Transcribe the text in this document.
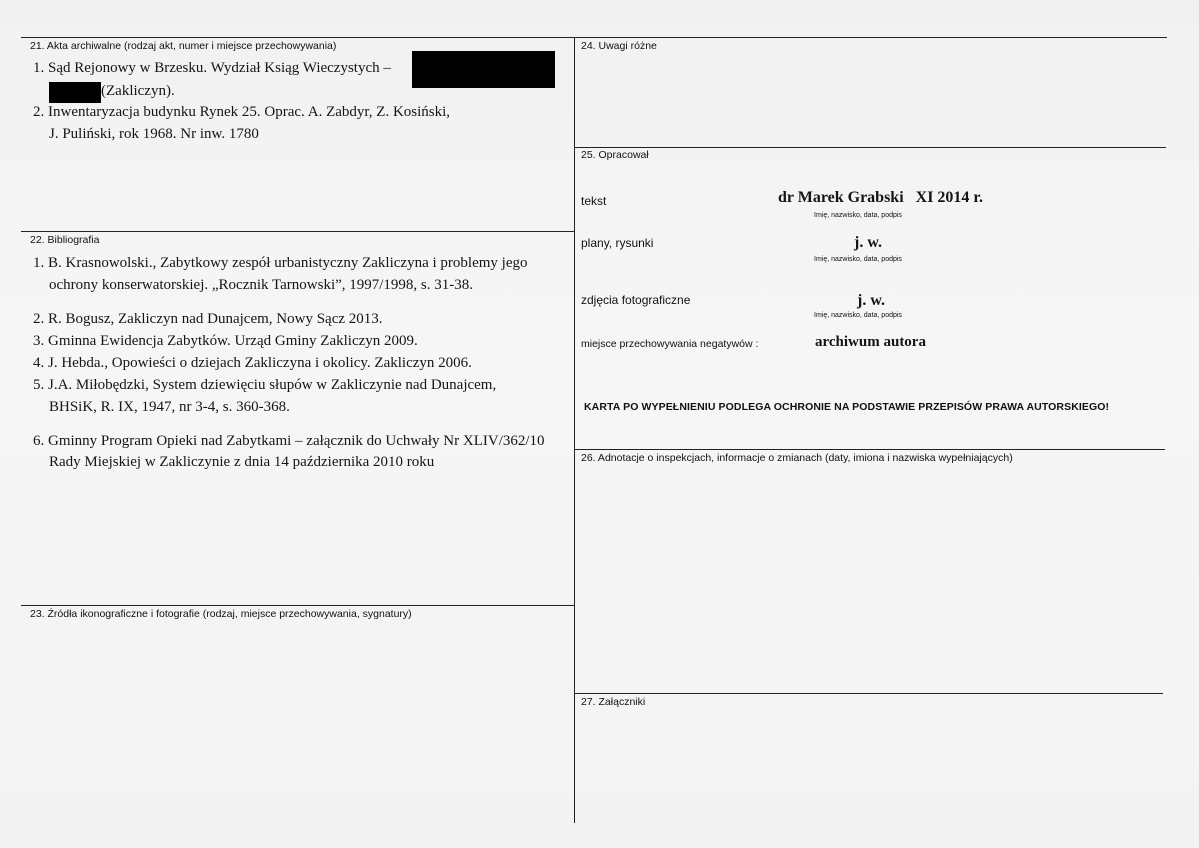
21. Akta archiwalne (rodzaj akt, numer i miejsce przechowywania)
1. Sąd Rejonowy w Brzesku. Wydział Ksiąg Wieczystych –
(Zakliczyn).
2. Inwentaryzacja budynku Rynek 25. Oprac. A. Zabdyr, Z. Kosiński,
J. Puliński, rok 1968. Nr inw. 1780
22. Bibliografia
1. B. Krasnowolski., Zabytkowy zespół urbanistyczny Zakliczyna i problemy jego
ochrony konserwatorskiej. „Rocznik Tarnowski”, 1997/1998, s. 31-38.
2. R. Bogusz, Zakliczyn nad Dunajcem, Nowy Sącz 2013.
3. Gminna Ewidencja Zabytków. Urząd Gminy Zakliczyn 2009.
4. J. Hebda., Opowieści o dziejach Zakliczyna i okolicy. Zakliczyn 2006.
5. J.A. Miłobędzki, System dziewięciu słupów w Zakliczynie nad Dunajcem,
BHSiK, R. IX, 1947, nr 3-4, s. 360-368.
6. Gminny Program Opieki nad Zabytkami – załącznik do Uchwały Nr XLIV/362/10
Rady Miejskiej w Zakliczynie z dnia 14 października 2010 roku
23. Źródła ikonograficzne i fotografie (rodzaj, miejsce przechowywania, sygnatury)
24. Uwagi różne
25. Opracował
tekst	dr Marek Grabski   XI 2014 r.
Imię, nazwisko, data, podpis
plany, rysunki	j. w.
Imię, nazwisko, data, podpis
zdjęcia fotograficzne	j. w.
Imię, nazwisko, data, podpis
miejsce przechowywania negatywów :	archiwum autora
KARTA PO WYPEŁNIENIU PODLEGA OCHRONIE NA PODSTAWIE PRZEPISÓW PRAWA AUTORSKIEGO!
26. Adnotacje o inspekcjach, informacje o zmianach (daty, imiona i nazwiska wypełniających)
27. Załączniki
